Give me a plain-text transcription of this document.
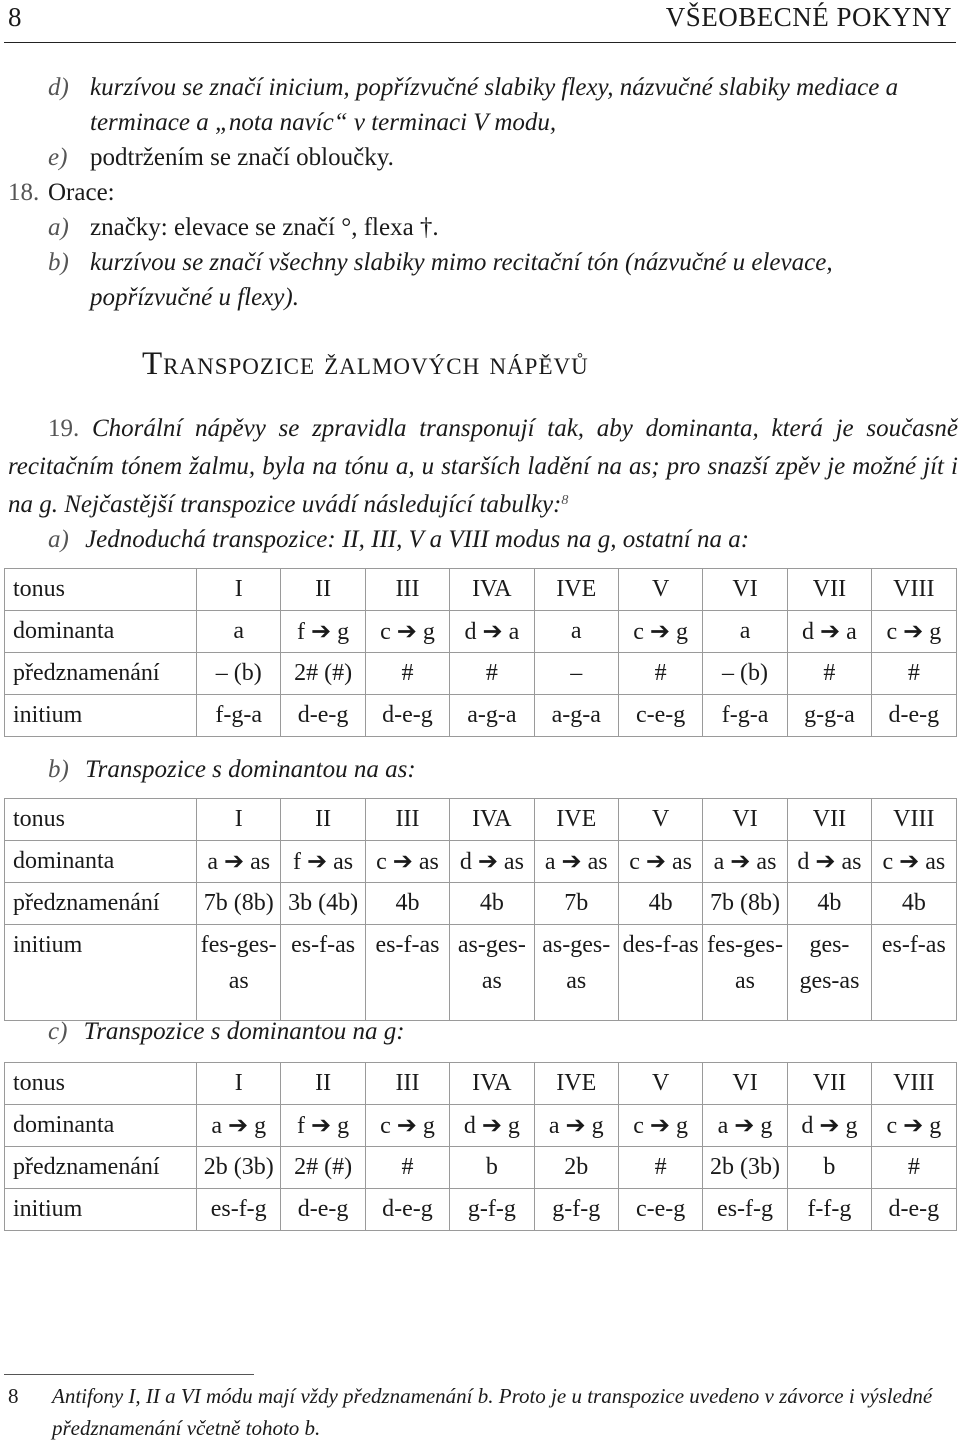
8	VŠEOBECNÉ POKYNY
d) kurzívou se značí inicium, popřízvučné slabiky flexy, názvučné slabiky mediace a terminace a „nota navíc“ v terminaci V modu,
e) podtržením se značí obloučky.
18. Orace:
a) značky: elevace se značí °, flexa †.
b) kurzívou se značí všechny slabiky mimo recitační tón (názvučné u elevace, popřízvučné u flexy).
Transpozice žalmových nápěvů
19. Chorální nápěvy se zpravidla transponují tak, aby dominanta, která je současně recitačním tónem žalmu, byla na tónu a, u starších ladění na as; pro snazší zpěv je možné jít i na g. Nejčastější transpozice uvádí následující tabulky:$^8$
a) Jednoduchá transpozice: II, III, V a VIII modus na g, ostatní na a:
tonus	I	II	III	IVA	IVE	V	VI	VII	VIII
dominanta	a	f ➔ g	c ➔ g	d ➔ a	a	c ➔ g	a	d ➔ a	c ➔ g
předznamenání	– (b)	2# (#)	#	#	–	#	– (b)	#	#
initium	f-g-a	d-e-g	d-e-g	a-g-a	a-g-a	c-e-g	f-g-a	g-g-a	d-e-g
b) Transpozice s dominantou na as:
tonus	I	II	III	IVA	IVE	V	VI	VII	VIII
dominanta	a ➔ as	f ➔ as	c ➔ as	d ➔ as	a ➔ as	c ➔ as	a ➔ as	d ➔ as	c ➔ as
předznamenání	7b (8b)	3b (4b)	4b	4b	7b	4b	7b (8b)	4b	4b
initium	fes-ges-as	es-f-as	es-f-as	as-ges-as	as-ges-as	des-f-as	fes-ges-as	ges-ges-as	es-f-as
c) Transpozice s dominantou na g:
tonus	I	II	III	IVA	IVE	V	VI	VII	VIII
dominanta	a ➔ g	f ➔ g	c ➔ g	d ➔ g	a ➔ g	c ➔ g	a ➔ g	d ➔ g	c ➔ g
předznamenání	2b (3b)	2# (#)	#	b	2b	#	2b (3b)	b	#
initium	es-f-g	d-e-g	d-e-g	g-f-g	g-f-g	c-e-g	es-f-g	f-f-g	d-e-g
8	Antifony I, II a VI módu mají vždy předznamenání b. Proto je u transpozice uvedeno v závorce i výsledné předznamenání včetně tohoto b.
